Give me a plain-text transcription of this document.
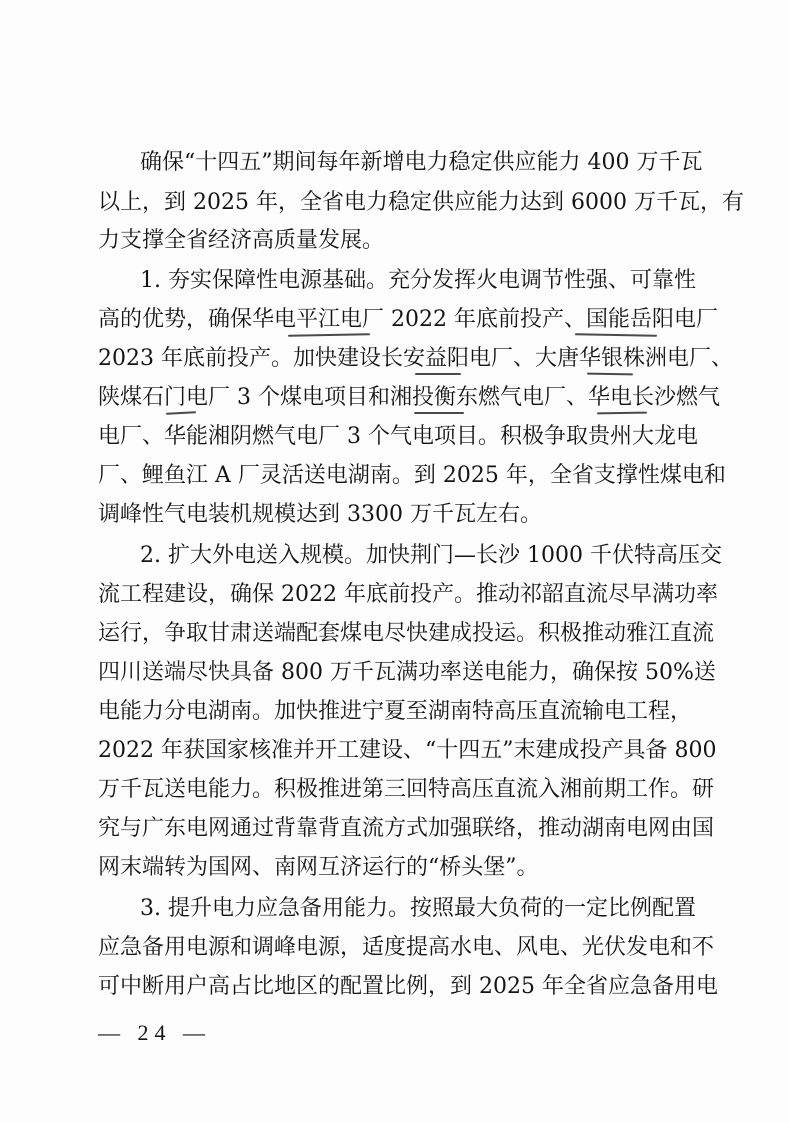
确保“十四五”期间每年新增电力稳定供应能力 400 万千瓦
以上，到 2025 年，全省电力稳定供应能力达到 6000 万千瓦，有
力支撑全省经济高质量发展。
1. 夯实保障性电源基础。充分发挥火电调节性强、可靠性
高的优势，确保华电平江电厂 2022 年底前投产、国能岳阳电厂
2023 年底前投产。加快建设长安益阳电厂、大唐华银株洲电厂、
陕煤石门电厂 3 个煤电项目和湘投衡东燃气电厂、华电长沙燃气
电厂、华能湘阴燃气电厂 3 个气电项目。积极争取贵州大龙电
厂、鲤鱼江 A 厂灵活送电湖南。到 2025 年，全省支撑性煤电和
调峰性气电装机规模达到 3300 万千瓦左右。
2. 扩大外电送入规模。加快荆门—长沙 1000 千伏特高压交
流工程建设，确保 2022 年底前投产。推动祁韶直流尽早满功率
运行，争取甘肃送端配套煤电尽快建成投运。积极推动雅江直流
四川送端尽快具备 800 万千瓦满功率送电能力，确保按 50%送
电能力分电湖南。加快推进宁夏至湖南特高压直流输电工程，
2022 年获国家核准并开工建设、“十四五”末建成投产具备 800
万千瓦送电能力。积极推进第三回特高压直流入湘前期工作。研
究与广东电网通过背靠背直流方式加强联络，推动湖南电网由国
网末端转为国网、南网互济运行的“桥头堡”。
3. 提升电力应急备用能力。按照最大负荷的一定比例配置
应急备用电源和调峰电源，适度提高水电、风电、光伏发电和不
可中断用户高占比地区的配置比例，到 2025 年全省应急备用电
— 24 —
